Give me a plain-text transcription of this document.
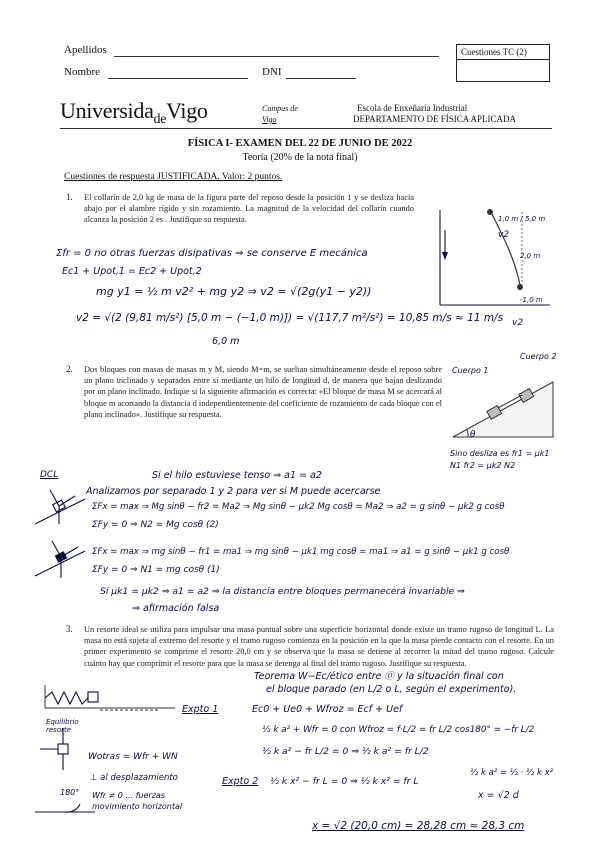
Apellidos
Nombre	DNI
Cuestiones TC (2)
Universida$_{de}$Vigo	Campus de
Vigo
Escola de Enxeñaría Industrial
DEPARTAMENTO DE FÍSICA APLICADA
FÍSICA I- EXAMEN DEL 22 DE JUNIO DE 2022
Teoría (20% de la nota final)
Cuestiones de respuesta JUSTIFICADA. Valor: 2 puntos.
1. El collarín de 2,0 kg de masa de la figura parte del reposo desde la posición 1 y se desliza hacia abajo por el alambre rígido y sin rozamiento. La magnitud de la velocidad del collarín cuando alcanza la posición 2 es . Justifique su respuesta.	1,0 m / 5,0 m
2,0 m
-1,0 m
v2
v2
Σfr = 0 no otras fuerzas disipativas ⇒ se conserve E mecánica
Ec1 + Upot,1 = Ec2 + Upot,2
mg y1 = ½ m v2² + mg y2 ⇒ v2 = √(2g(y1 − y2))
v2 = √(2 (9,81 m/s²) [5,0 m − (−1,0 m)]) = √(117,7 m²/s²) = 10,85 m/s ≈ 11 m/s
6,0 m
2. Dos bloques con masas de masas m y M, siendo M=m, se sueltan simultáneamente desde el reposo sobre un plano inclinado y separados entre sí mediante un hilo de longitud d, de manera que bajan deslizando por un plano inclinado. Indique si la siguiente afirmación es correcta: «El bloque de masa M se acercará al bloque m acortando la distancia d independientemente del coeficiente de rozamiento de cada bloque con el plano inclinado». Justifique su respuesta.
Cuerpo 1
Cuerpo 2
θ
Sino desliza es fr1 = μk1 N1 fr2 = μk2 N2
DCL	Si el hilo estuviese tenso ⇒ a1 = a2
Analizamos por separado 1 y 2 para ver si M puede acercarse
ΣFx = max ⇒ Mg sinθ − fr2 = Ma2 ⇒ Mg sinθ − μk2 Mg cosθ = Ma2 ⇒ a2 = g sinθ − μk2 g cosθ
ΣFy = 0 ⇒ N2 = Mg cosθ (2)
ΣFx = max ⇒ mg sinθ − fr1 = ma1 ⇒ mg sinθ − μk1 mg cosθ = ma1 ⇒ a1 = g sinθ − μk1 g cosθ
ΣFy = 0 ⇒ N1 = mg cosθ (1)
Si μk1 = μk2 ⇒ a1 = a2 ⇒ la distancia entre bloques permanecerá invariable ⇒
⇒ afirmación falsa
3. Un resorte ideal se utiliza para impulsar una masa puntual sobre una superficie horizontal donde existe un tramo rugoso de longitud L. La masa no está sujeta al extremo del resorte y el tramo rugoso comienza en la posición en la que la masa pierde contacto con el resorte. En un primer experimento se comprime el resorte 20,0 cm y se observa que la masa se detiene al recorrer la mitad del tramo rugoso. Calcule cuánto hay que comprimir el resorte para que la masa se detenga al final del tramo rugoso. Justifique su respuesta.
Equilibrio resorte
Teorema W−Ec/ético entre ⓪ y la situación final con
el bloque parado (en L/2 o L, según el experimento).
Expto 1	Ec0 + Ue0 + Wfroz = Ecf + Uef
½ k a² + Wfr = 0 con Wfroz = f·L/2 = fr L/2 cos180° = −fr L/2
½ k a² − fr L/2 = 0 ⇒ ½ k a² = fr L/2
Wotras = Wfr + WN
⊥ al desplazamiento
Wfr ≠ 0 ... fuerzas movimiento horizontal
Expto 2 ½ k x² − fr L = 0 ⇒ ½ k x² = fr L
½ k a² = ½ · ½ k x²
x = √2 d
180°
x = √2 (20,0 cm) = 28,28 cm ≈ 28,3 cm
